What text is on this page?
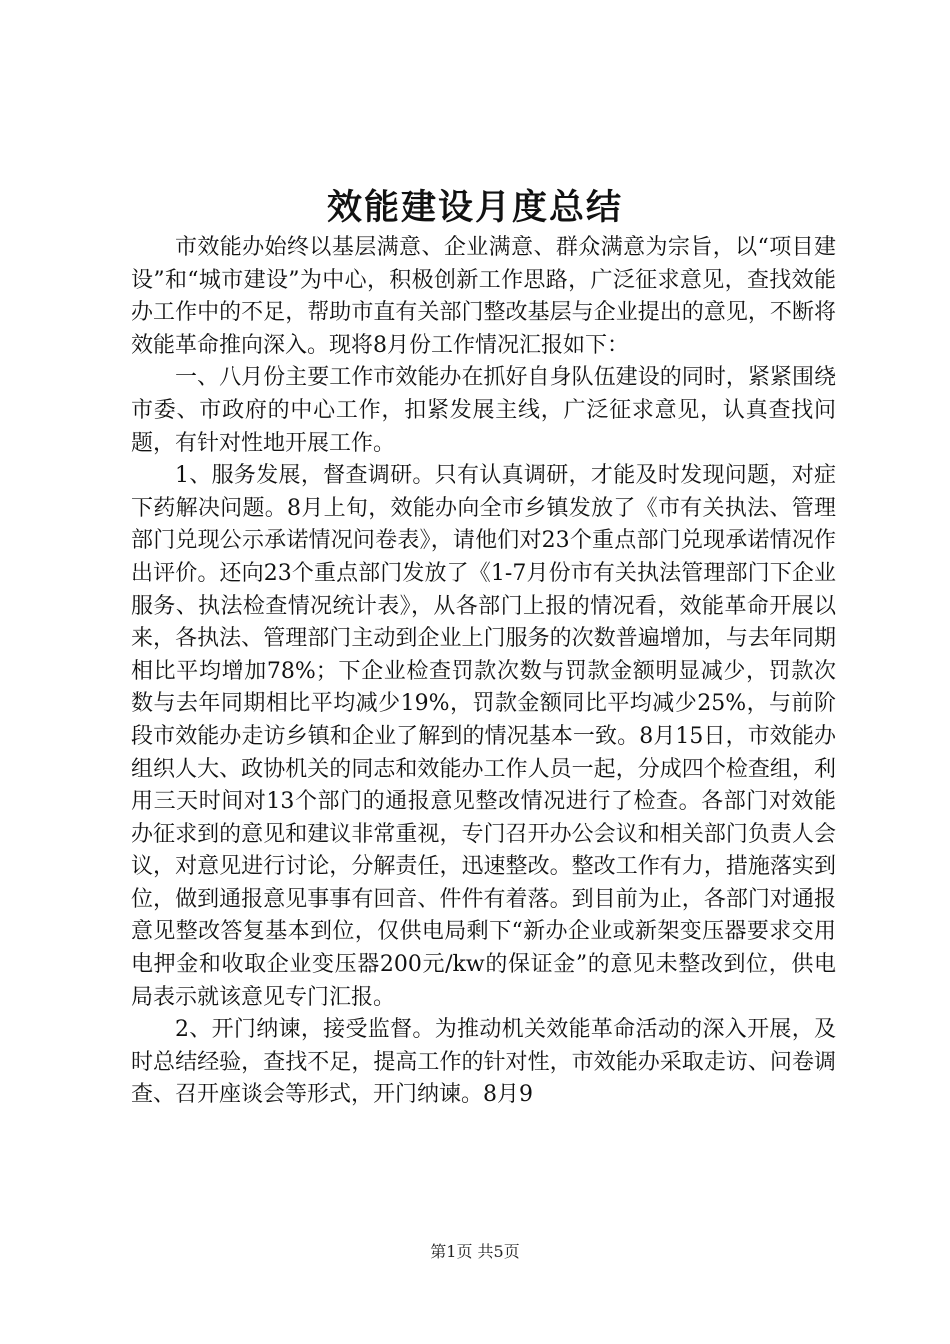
效能建设月度总结

市效能办始终以基层满意、企业满意、群众满意为宗旨，以“项目建设”和“城市建设”为中心，积极创新工作思路，广泛征求意见，查找效能办工作中的不足，帮助市直有关部门整改基层与企业提出的意见，不断将效能革命推向深入。现将8月份工作情况汇报如下：

一、八月份主要工作市效能办在抓好自身队伍建设的同时，紧紧围绕市委、市政府的中心工作，扣紧发展主线，广泛征求意见，认真查找问题，有针对性地开展工作。

1、服务发展，督查调研。只有认真调研，才能及时发现问题，对症下药解决问题。8月上旬，效能办向全市乡镇发放了《市有关执法、管理部门兑现公示承诺情况问卷表》，请他们对23个重点部门兑现承诺情况作出评价。还向23个重点部门发放了《1-7月份市有关执法管理部门下企业服务、执法检查情况统计表》，从各部门上报的情况看，效能革命开展以来，各执法、管理部门主动到企业上门服务的次数普遍增加，与去年同期相比平均增加78%；下企业检查罚款次数与罚款金额明显减少，罚款次数与去年同期相比平均减少19%，罚款金额同比平均减少25%，与前阶段市效能办走访乡镇和企业了解到的情况基本一致。8月15日，市效能办组织人大、政协机关的同志和效能办工作人员一起，分成四个检查组，利用三天时间对13个部门的通报意见整改情况进行了检查。各部门对效能办征求到的意见和建议非常重视，专门召开办公会议和相关部门负责人会议，对意见进行讨论，分解责任，迅速整改。整改工作有力，措施落实到位，做到通报意见事事有回音、件件有着落。到目前为止，各部门对通报意见整改答复基本到位，仅供电局剩下“新办企业或新架变压器要求交用电押金和收取企业变压器200元/kw的保证金”的意见未整改到位，供电局表示就该意见专门汇报。

2、开门纳谏，接受监督。为推动机关效能革命活动的深入开展，及时总结经验，查找不足，提高工作的针对性，市效能办采取走访、问卷调查、召开座谈会等形式，开门纳谏。8月9

第1页 共5页
